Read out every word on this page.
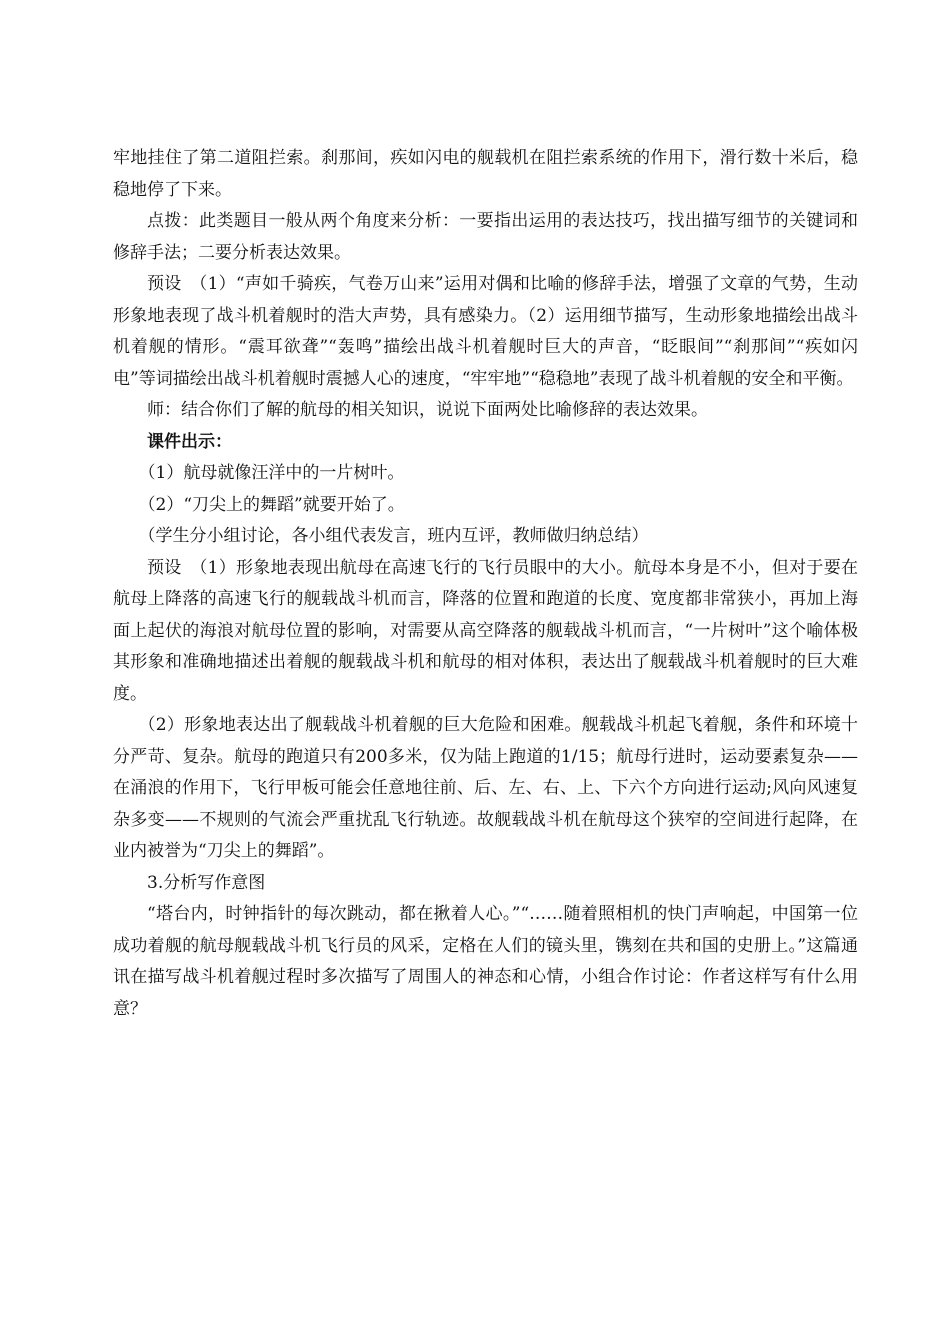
牢地挂住了第二道阻拦索。刹那间，疾如闪电的舰载机在阻拦索系统的作用下，滑行数十米后，稳稳地停了下来。

点拨：此类题目一般从两个角度来分析：一要指出运用的表达技巧，找出描写细节的关键词和修辞手法；二要分析表达效果。

预设　（1）“声如千骑疾，气卷万山来”运用对偶和比喻的修辞手法，增强了文章的气势，生动形象地表现了战斗机着舰时的浩大声势，具有感染力。（2）运用细节描写，生动形象地描绘出战斗机着舰的情形。“震耳欲聋”“轰鸣”描绘出战斗机着舰时巨大的声音，“眨眼间”“刹那间”“疾如闪电”等词描绘出战斗机着舰时震撼人心的速度，“牢牢地”“稳稳地”表现了战斗机着舰的安全和平衡。

师：结合你们了解的航母的相关知识，说说下面两处比喻修辞的表达效果。

课件出示：

（1）航母就像汪洋中的一片树叶。

（2）“刀尖上的舞蹈”就要开始了。

（学生分小组讨论，各小组代表发言，班内互评，教师做归纳总结）

预设　（1）形象地表现出航母在高速飞行的飞行员眼中的大小。航母本身是不小，但对于要在航母上降落的高速飞行的舰载战斗机而言，降落的位置和跑道的长度、宽度都非常狭小，再加上海面上起伏的海浪对航母位置的影响，对需要从高空降落的舰载战斗机而言，“一片树叶”这个喻体极其形象和准确地描述出着舰的舰载战斗机和航母的相对体积，表达出了舰载战斗机着舰时的巨大难度。

（2）形象地表达出了舰载战斗机着舰的巨大危险和困难。舰载战斗机起飞着舰，条件和环境十分严苛、复杂。航母的跑道只有200多米，仅为陆上跑道的1/15；航母行进时，运动要素复杂——在涌浪的作用下，飞行甲板可能会任意地往前、后、左、右、上、下六个方向进行运动;风向风速复杂多变——不规则的气流会严重扰乱飞行轨迹。故舰载战斗机在航母这个狭窄的空间进行起降，在业内被誉为“刀尖上的舞蹈”。

3.分析写作意图

“塔台内，时钟指针的每次跳动，都在揪着人心。”“……随着照相机的快门声响起，中国第一位成功着舰的航母舰载战斗机飞行员的风采，定格在人们的镜头里，镌刻在共和国的史册上。”这篇通讯在描写战斗机着舰过程时多次描写了周围人的神态和心情，小组合作讨论：作者这样写有什么用意？
